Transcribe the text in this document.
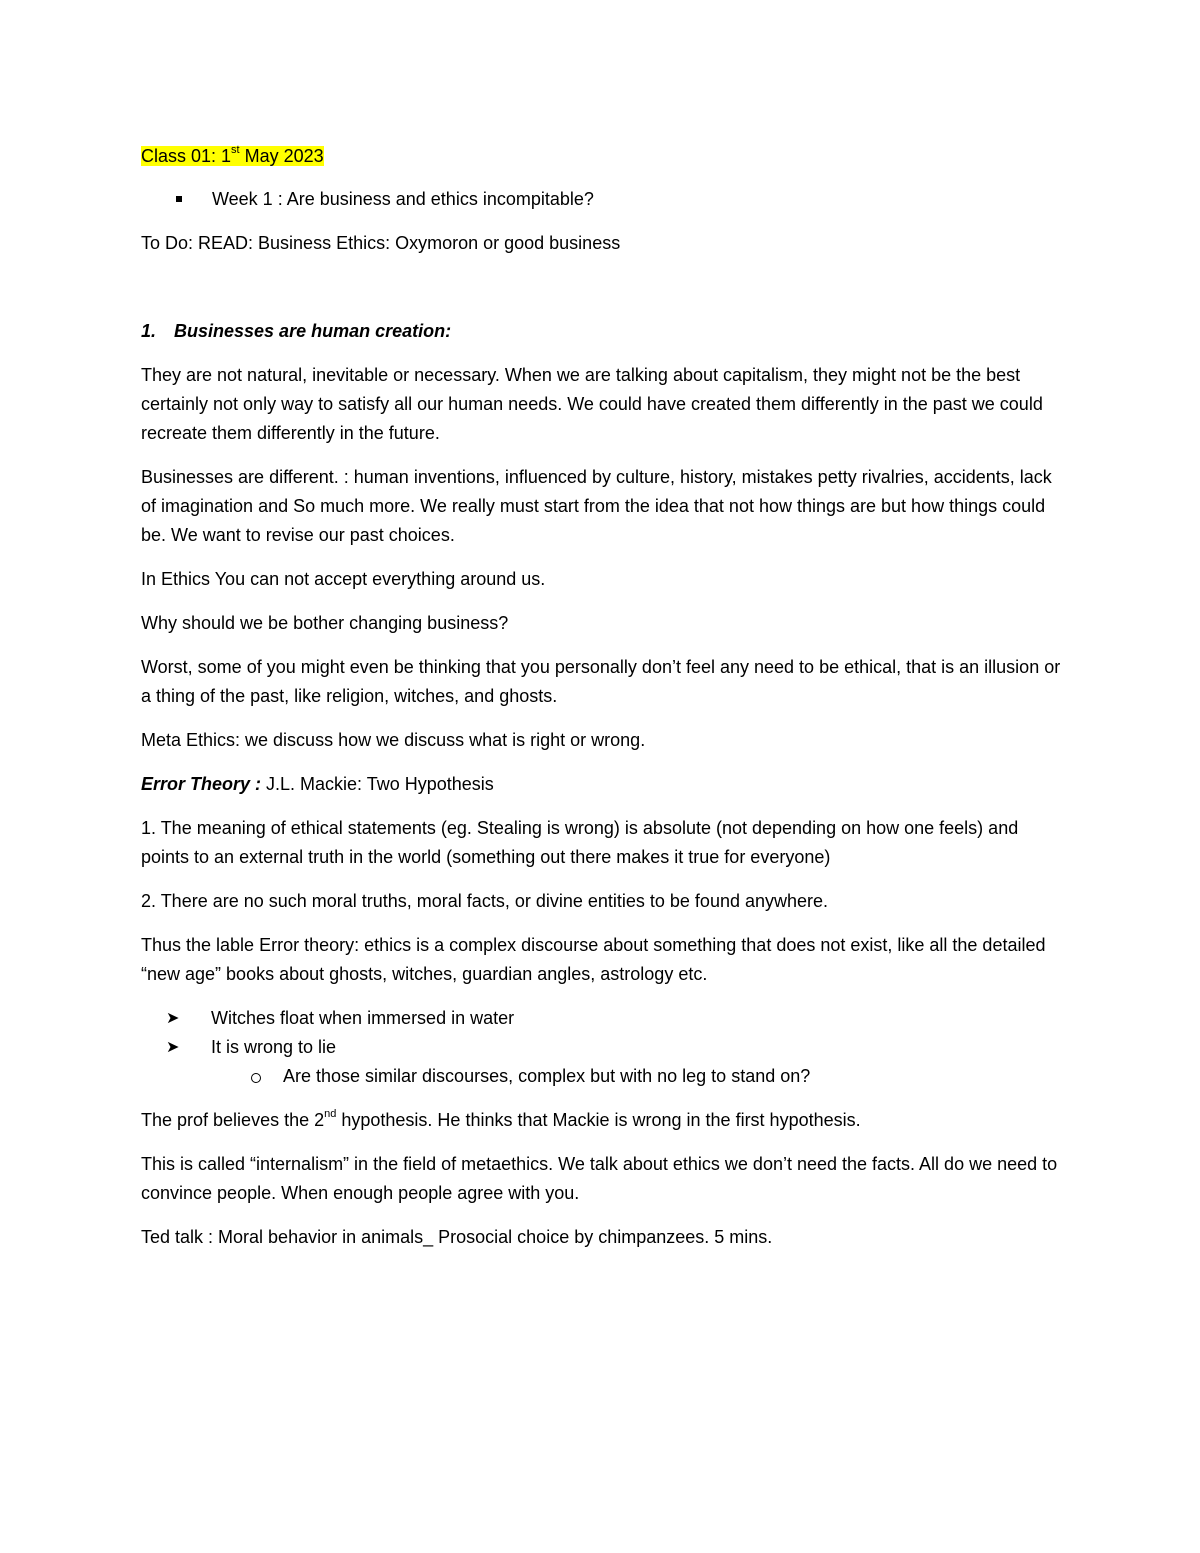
Class 01: 1st May 2023

Week 1 : Are business and ethics incompitable?

To Do: READ: Business Ethics: Oxymoron or good business

1. Businesses are human creation:

They are not natural, inevitable or necessary. When we are talking about capitalism, they might not be the best certainly not only way to satisfy all our human needs. We could have created them differently in the past we could recreate them differently in the future.

Businesses are different. : human inventions, influenced by culture, history, mistakes petty rivalries, accidents, lack of imagination and So much more. We really must start from the idea that not how things are but how things could be. We want to revise our past choices.

In Ethics You can not accept everything around us.

Why should we be bother changing business?

Worst, some of you might even be thinking that you personally don’t feel any need to be ethical, that is an illusion or a thing of the past, like religion, witches, and ghosts.

Meta Ethics: we discuss how we discuss what is right or wrong.

Error Theory : J.L. Mackie: Two Hypothesis

1. The meaning of ethical statements (eg. Stealing is wrong) is absolute (not depending on how one feels) and points to an external truth in the world (something out there makes it true for everyone)

2. There are no such moral truths, moral facts, or divine entities to be found anywhere.

Thus the lable Error theory: ethics is a complex discourse about something that does not exist, like all the detailed “new age” books about ghosts, witches, guardian angles, astrology etc.

➤	Witches float when immersed in water
➤	It is wrong to lie
Are those similar discourses, complex but with no leg to stand on?

The prof believes the 2nd hypothesis. He thinks that Mackie is wrong in the first hypothesis.

This is called “internalism” in the field of metaethics. We talk about ethics we don’t need the facts. All do we need to convince people. When enough people agree with you.

Ted talk : Moral behavior in animals_ Prosocial choice by chimpanzees. 5 mins.
